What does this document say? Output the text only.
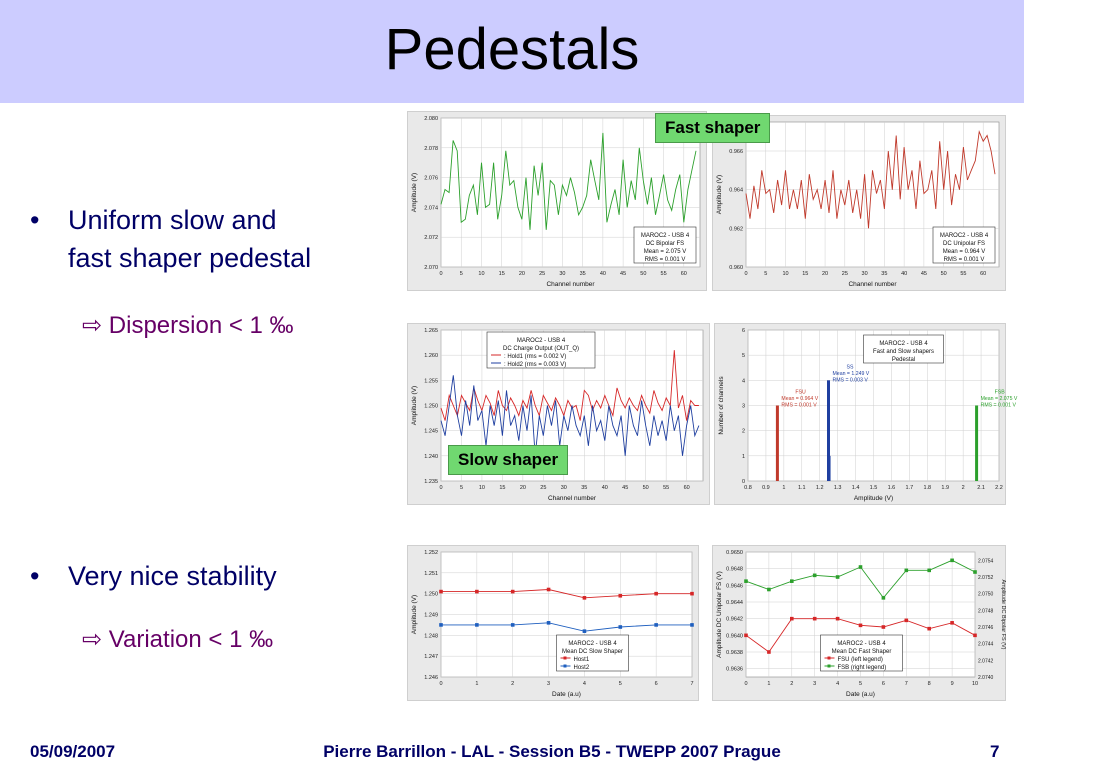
Pedestals
• Uniform slow and
fast shaper pedestal
⇨ Dispersion < 1 ‰
•	Very nice stability
⇨ Variation < 1 ‰
2.070
2.072
2.074
2.076
2.078
2.080
0	5	10	15	20	25	30	35	40	45	50	55	60
Channel number
Amplitude (V)
MAROC2 - USB 4
DC Bipolar FS
Mean = 2.075 V
RMS = 0.001 V
0.960
0.962
0.964
0.966
0	5	10 15 20 25 30 35 40 45 50 55 60
Channel number
Amplitude (V)
MAROC2 - USB 4
DC Unipolar FS
Mean = 0.964 V
RMS = 0.001 V
1.235
1.240
1.245
1.250
1.255
1.260
1.265
0	5	10	15	20	25	30	35	40	45	50	55	60
Channel number
Amplitude (V)
MAROC2 - USB 4
DC Charge Output (OUT_Q)
: Hold1 (rms = 0.002 V)
: Hold2 (rms = 0.003 V)
0
1
2
3
4
5
6
0.8 0.9 1 1.1 1.2 1.3 1.4 1.5 1.6 1.7 1.8 1.9 2 2.1 2.2
Amplitude (V)
Number of channels	FSU
Mean = 0.964 V
RMS = 0.001 V
SS
Mean = 1.249 V
RMS = 0.003 V
FSB
Mean = 2.075 V
RMS = 0.001 V
MAROC2 - USB 4
Fast and Slow shapers
Pedestal
1.246
1.247
1.248
1.249
1.250
1.251
1.252
0	1	2	3	4	5	6	7
Date (a.u)
Amplitude (V)
MAROC2 - USB 4
Mean DC Slow Shaper
Host1
Host2	0.9636
0.9638
0.9640
0.9642
0.9644
0.9646
0.9648
0.9650
0	1	2	3	4	5	6	7	8	9	10
2.0740
2.0742
2.0744
2.0746
2.0748
2.0750
2.0752
2.0754
Amplitude DC Bipolar FS (V)
Date (a.u)
Amplitude DC Unipolar FS (V)	MAROC2 - USB 4
Mean DC Fast Shaper
FSU (left legend)
FSB (right legend)
Fast shaper
Slow shaper
05/09/2007	Pierre Barrillon - LAL - Session B5 - TWEPP 2007 Prague	7
